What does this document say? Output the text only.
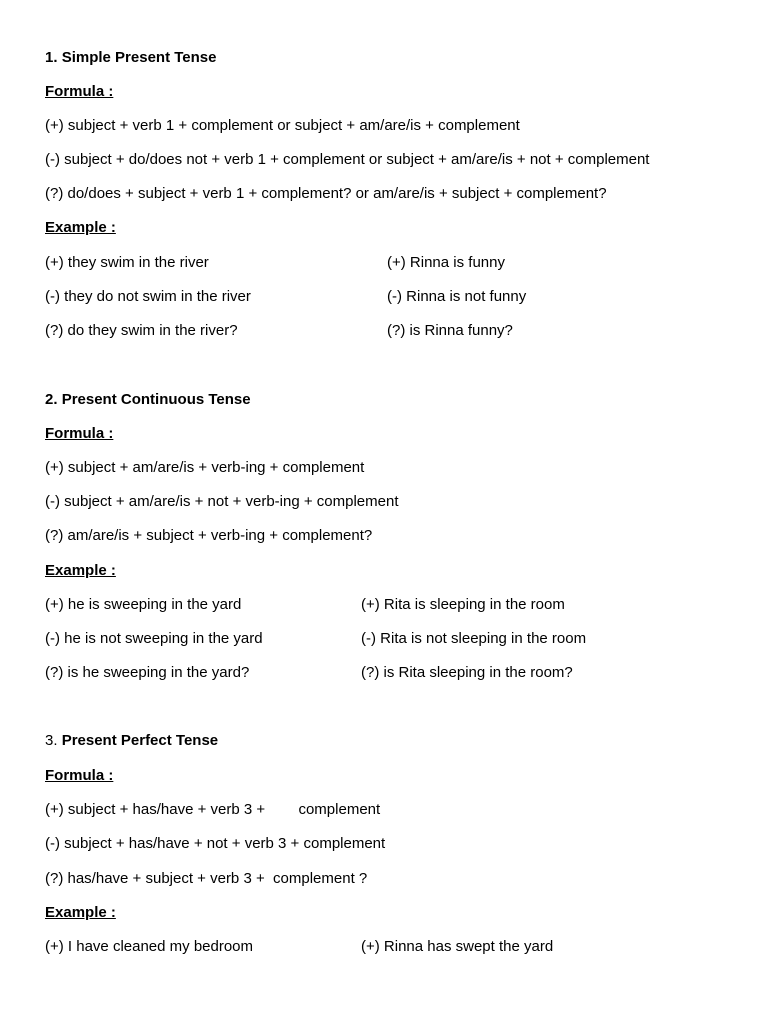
1. Simple Present Tense
Formula :
(+) subject + verb 1 + complement or subject + am/are/is + complement
(-) subject + do/does not + verb 1 + complement or subject + am/are/is + not + complement
(?) do/does + subject + verb 1 + complement? or am/are/is + subject + complement?
Example :
(+) they swim in the river	(+) Rinna is funny
(-) they do not swim in the river	(-) Rinna is not funny
(?) do they swim in the river?	(?) is Rinna funny?
2. Present Continuous Tense
Formula :
(+) subject + am/are/is + verb-ing + complement
(-) subject + am/are/is + not + verb-ing + complement
(?) am/are/is + subject + verb-ing + complement?
Example :
(+) he is sweeping in the yard	(+) Rita is sleeping in the room
(-) he is not sweeping in the yard	(-) Rita is not sleeping in the room
(?) is he sweeping in the yard?	(?) is Rita sleeping in the room?
3. Present Perfect Tense
Formula :
(+) subject + has/have + verb 3 +        complement
(-) subject + has/have + not + verb 3 + complement
(?) has/have + subject + verb 3 +  complement ?
Example :
(+) I have cleaned my bedroom	(+) Rinna has swept the yard
